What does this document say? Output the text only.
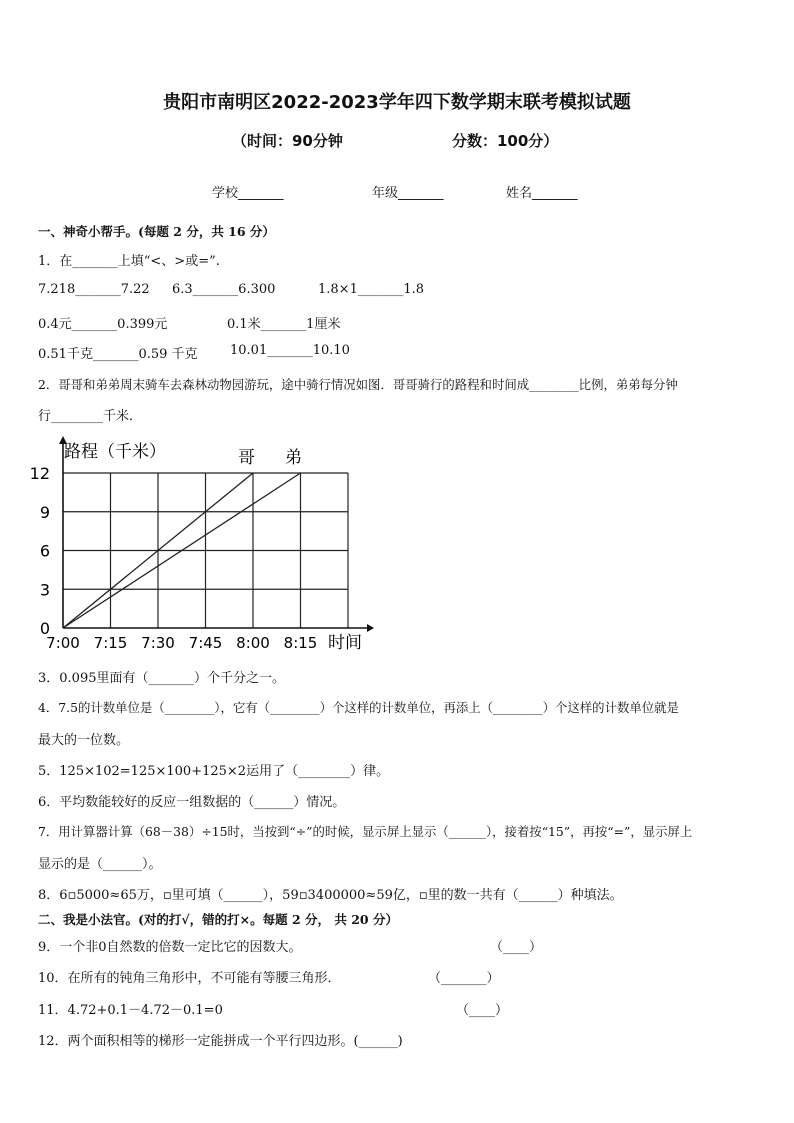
贵阳市南明区2022-2023学年四下数学期末联考模拟试题
（时间：90分钟	分数：100分）
学校_______	年级_______	姓名_______
一、神奇小帮手。(每题 2 分，共 16 分）
1．在_______上填“<、>或=”.
7.218_______7.22 6.3_______6.300	1.8×1_______1.8
0.4元_______0.399元	0.1米_______1厘米
0.51千克_______0.59 千克 10.01_______10.10
2．哥哥和弟弟周末骑车去森林动物园游玩，途中骑行情况如图．哥哥骑行的路程和时间成________比例，弟弟每分钟
行________千米．
0
3
6
9
12
7:00 7:15 7:30 7:45 8:00 8:15
路程（千米）
时间
哥 弟
3．0.095里面有（_______）个千分之一。
4．7.5的计数单位是（________），它有（________）个这样的计数单位，再添上（________）个这样的计数单位就是
最大的一位数。
5．125×102=125×100+125×2运用了（________）律。
6．平均数能较好的反应一组数据的（______）情况。
7．用计算器计算（68－38）÷15时，当按到“÷”的时候，显示屏上显示（______），接着按“15”，再按“=”，显示屏上
显示的是（______）。
8．6▫5000≈65万，▫里可填（______），59▫3400000≈59亿，▫里的数一共有（______）种填法。
二、我是小法官。(对的打√，错的打×。每题 2 分， 共 20 分）
9．一个非0自然数的倍数一定比它的因数大。	（____）
10．在所有的钝角三角形中，不可能有等腰三角形．	（_______）
11．4.72+0.1－4.72－0.1=0	（____）
12．两个面积相等的梯形一定能拼成一个平行四边形。(______)
